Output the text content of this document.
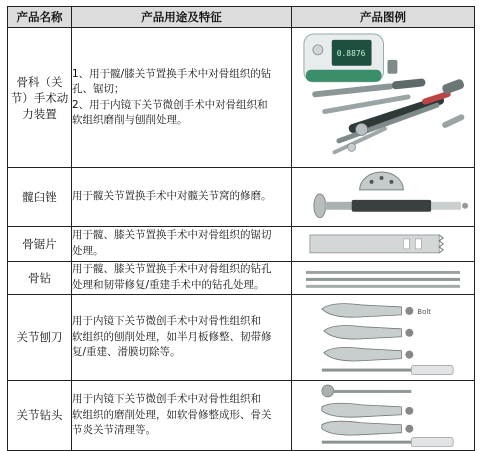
产品名称	产品用途及特征	产品图例

骨科（关
节）手术动
力装置	1、用于髋/膝关节置换手术中对骨组织的钻
孔、锯切；
2、用于内镜下关节微创手术中对骨组织和
软组织磨削与刨削处理。	0.8876

髋臼锉	用于髋关节置换手术中对髋关节窝的修磨。

骨锯片	用于髋、膝关节置换手术中对骨组织的锯切
处理。

骨钻	用于髋、膝关节置换手术中对骨组织的钻孔
处理和韧带修复/重建手术中的钻孔处理。

关节刨刀	用于内镜下关节微创手术中对骨性组织和
软组织的刨削处理，如半月板修整、韧带修
复/重建、滑膜切除等。	Bolt

关节钻头	用于内镜下关节微创手术中对骨性组织和
软组织的磨削处理，如软骨修整成形、骨关
节炎关节清理等。
